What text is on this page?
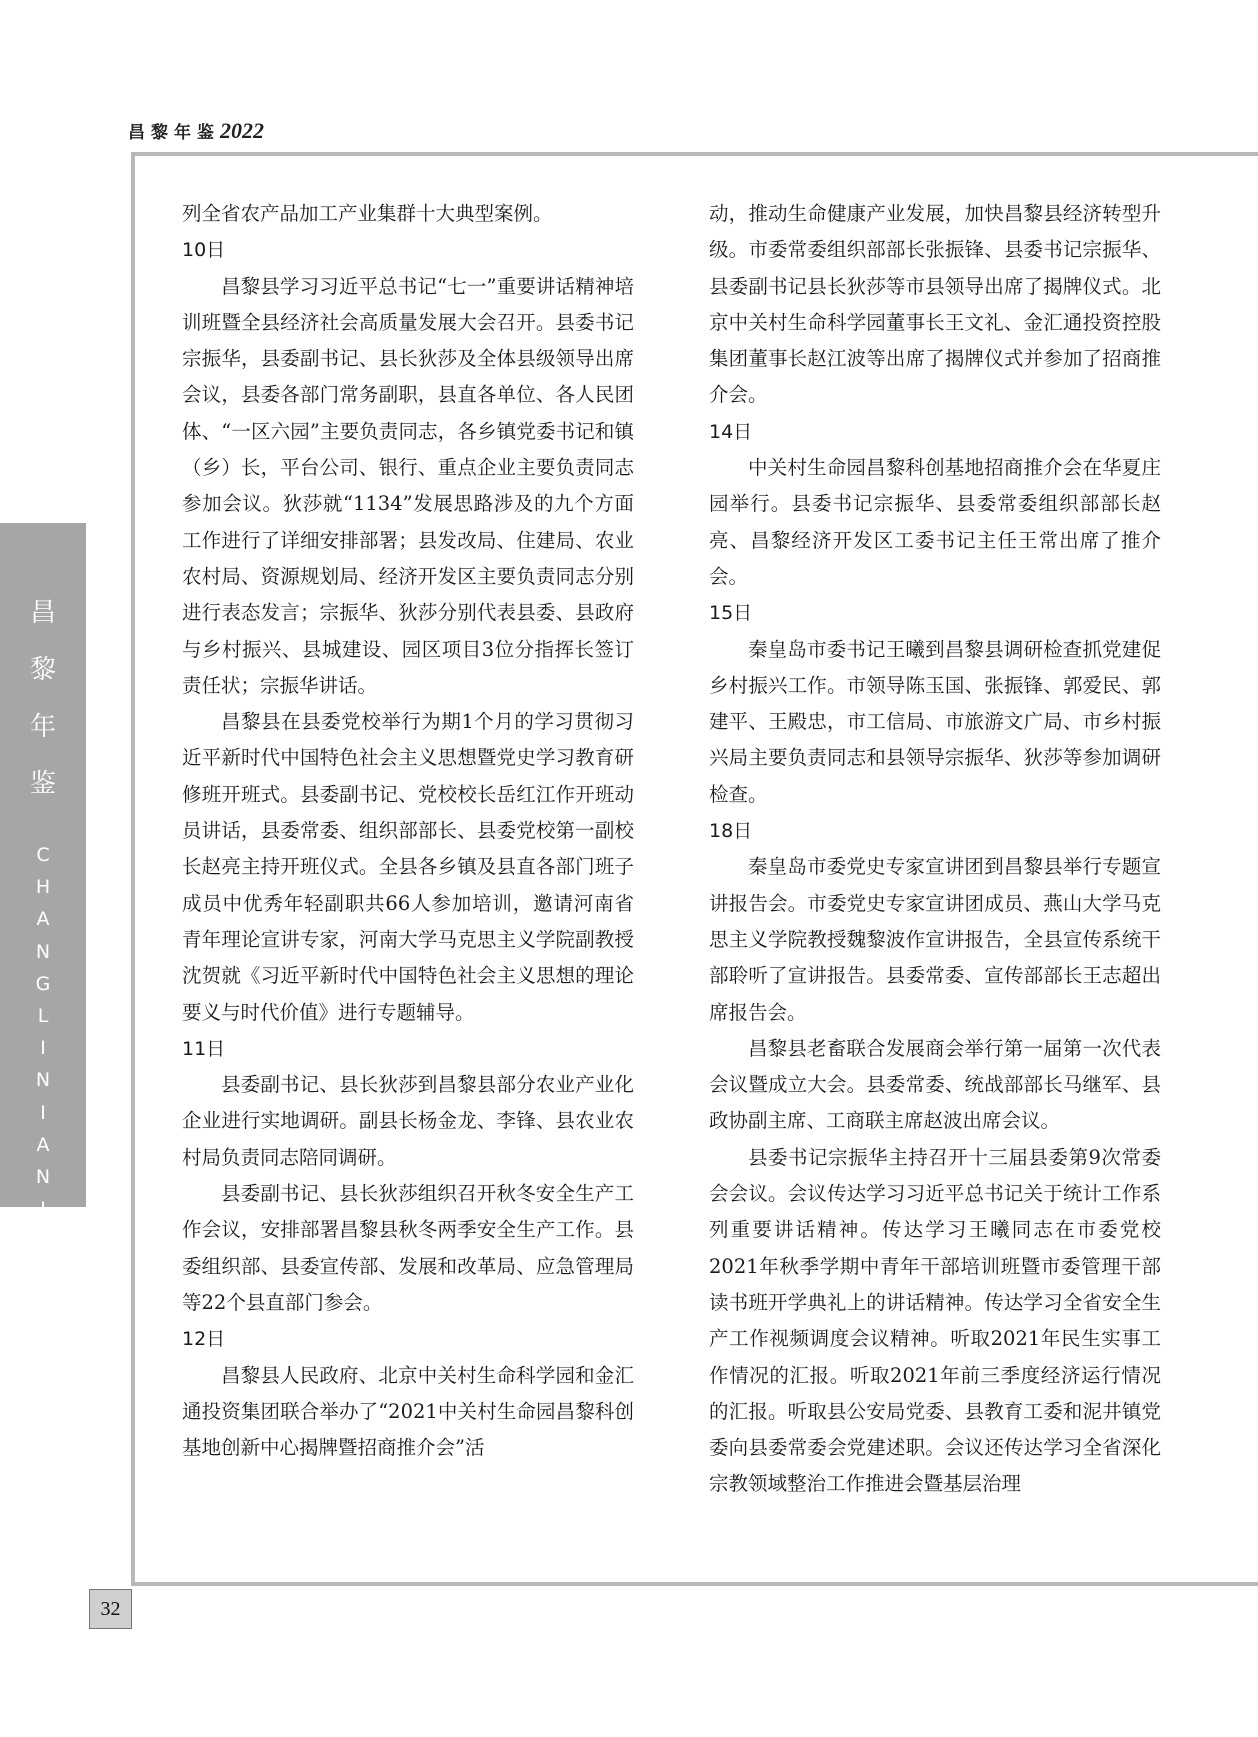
昌黎年鉴2022
昌
黎
年
鉴
C
H
A
N
G
L
I
N
I
A
N
J
I
A
N

列全省农产品加工产业集群十大典型案例。

10日

昌黎县学习习近平总书记“七一”重要讲话精神培训班暨全县经济社会高质量发展大会召开。县委书记宗振华，县委副书记、县长狄莎及全体县级领导出席会议，县委各部门常务副职，县直各单位、各人民团体、“一区六园”主要负责同志，各乡镇党委书记和镇（乡）长，平台公司、银行、重点企业主要负责同志参加会议。狄莎就“1134”发展思路涉及的九个方面工作进行了详细安排部署；县发改局、住建局、农业农村局、资源规划局、经济开发区主要负责同志分别进行表态发言；宗振华、狄莎分别代表县委、县政府与乡村振兴、县城建设、园区项目3位分指挥长签订责任状；宗振华讲话。

昌黎县在县委党校举行为期1个月的学习贯彻习近平新时代中国特色社会主义思想暨党史学习教育研修班开班式。县委副书记、党校校长岳红江作开班动员讲话，县委常委、组织部部长、县委党校第一副校长赵亮主持开班仪式。全县各乡镇及县直各部门班子成员中优秀年轻副职共66人参加培训，邀请河南省青年理论宣讲专家，河南大学马克思主义学院副教授沈贺就《习近平新时代中国特色社会主义思想的理论要义与时代价值》进行专题辅导。

11日

县委副书记、县长狄莎到昌黎县部分农业产业化企业进行实地调研。副县长杨金龙、李锋、县农业农村局负责同志陪同调研。

县委副书记、县长狄莎组织召开秋冬安全生产工作会议，安排部署昌黎县秋冬两季安全生产工作。县委组织部、县委宣传部、发展和改革局、应急管理局等22个县直部门参会。

12日

昌黎县人民政府、北京中关村生命科学园和金汇通投资集团联合举办了“2021中关村生命园昌黎科创基地创新中心揭牌暨招商推介会”活

动，推动生命健康产业发展，加快昌黎县经济转型升级。市委常委组织部部长张振锋、县委书记宗振华、县委副书记县长狄莎等市县领导出席了揭牌仪式。北京中关村生命科学园董事长王文礼、金汇通投资控股集团董事长赵江波等出席了揭牌仪式并参加了招商推介会。

14日

中关村生命园昌黎科创基地招商推介会在华夏庄园举行。县委书记宗振华、县委常委组织部部长赵亮、昌黎经济开发区工委书记主任王常出席了推介会。

15日

秦皇岛市委书记王曦到昌黎县调研检查抓党建促乡村振兴工作。市领导陈玉国、张振锋、郭爱民、郭建平、王殿忠，市工信局、市旅游文广局、市乡村振兴局主要负责同志和县领导宗振华、狄莎等参加调研检查。

18日

秦皇岛市委党史专家宣讲团到昌黎县举行专题宣讲报告会。市委党史专家宣讲团成员、燕山大学马克思主义学院教授魏黎波作宣讲报告，全县宣传系统干部聆听了宣讲报告。县委常委、宣传部部长王志超出席报告会。

昌黎县老畜联合发展商会举行第一届第一次代表会议暨成立大会。县委常委、统战部部长马继军、县政协副主席、工商联主席赵波出席会议。

县委书记宗振华主持召开十三届县委第9次常委会会议。会议传达学习习近平总书记关于统计工作系列重要讲话精神。传达学习王曦同志在市委党校2021年秋季学期中青年干部培训班暨市委管理干部读书班开学典礼上的讲话精神。传达学习全省安全生产工作视频调度会议精神。听取2021年民生实事工作情况的汇报。听取2021年前三季度经济运行情况的汇报。听取县公安局党委、县教育工委和泥井镇党委向县委常委会党建述职。会议还传达学习全省深化宗教领域整治工作推进会暨基层治理

32
